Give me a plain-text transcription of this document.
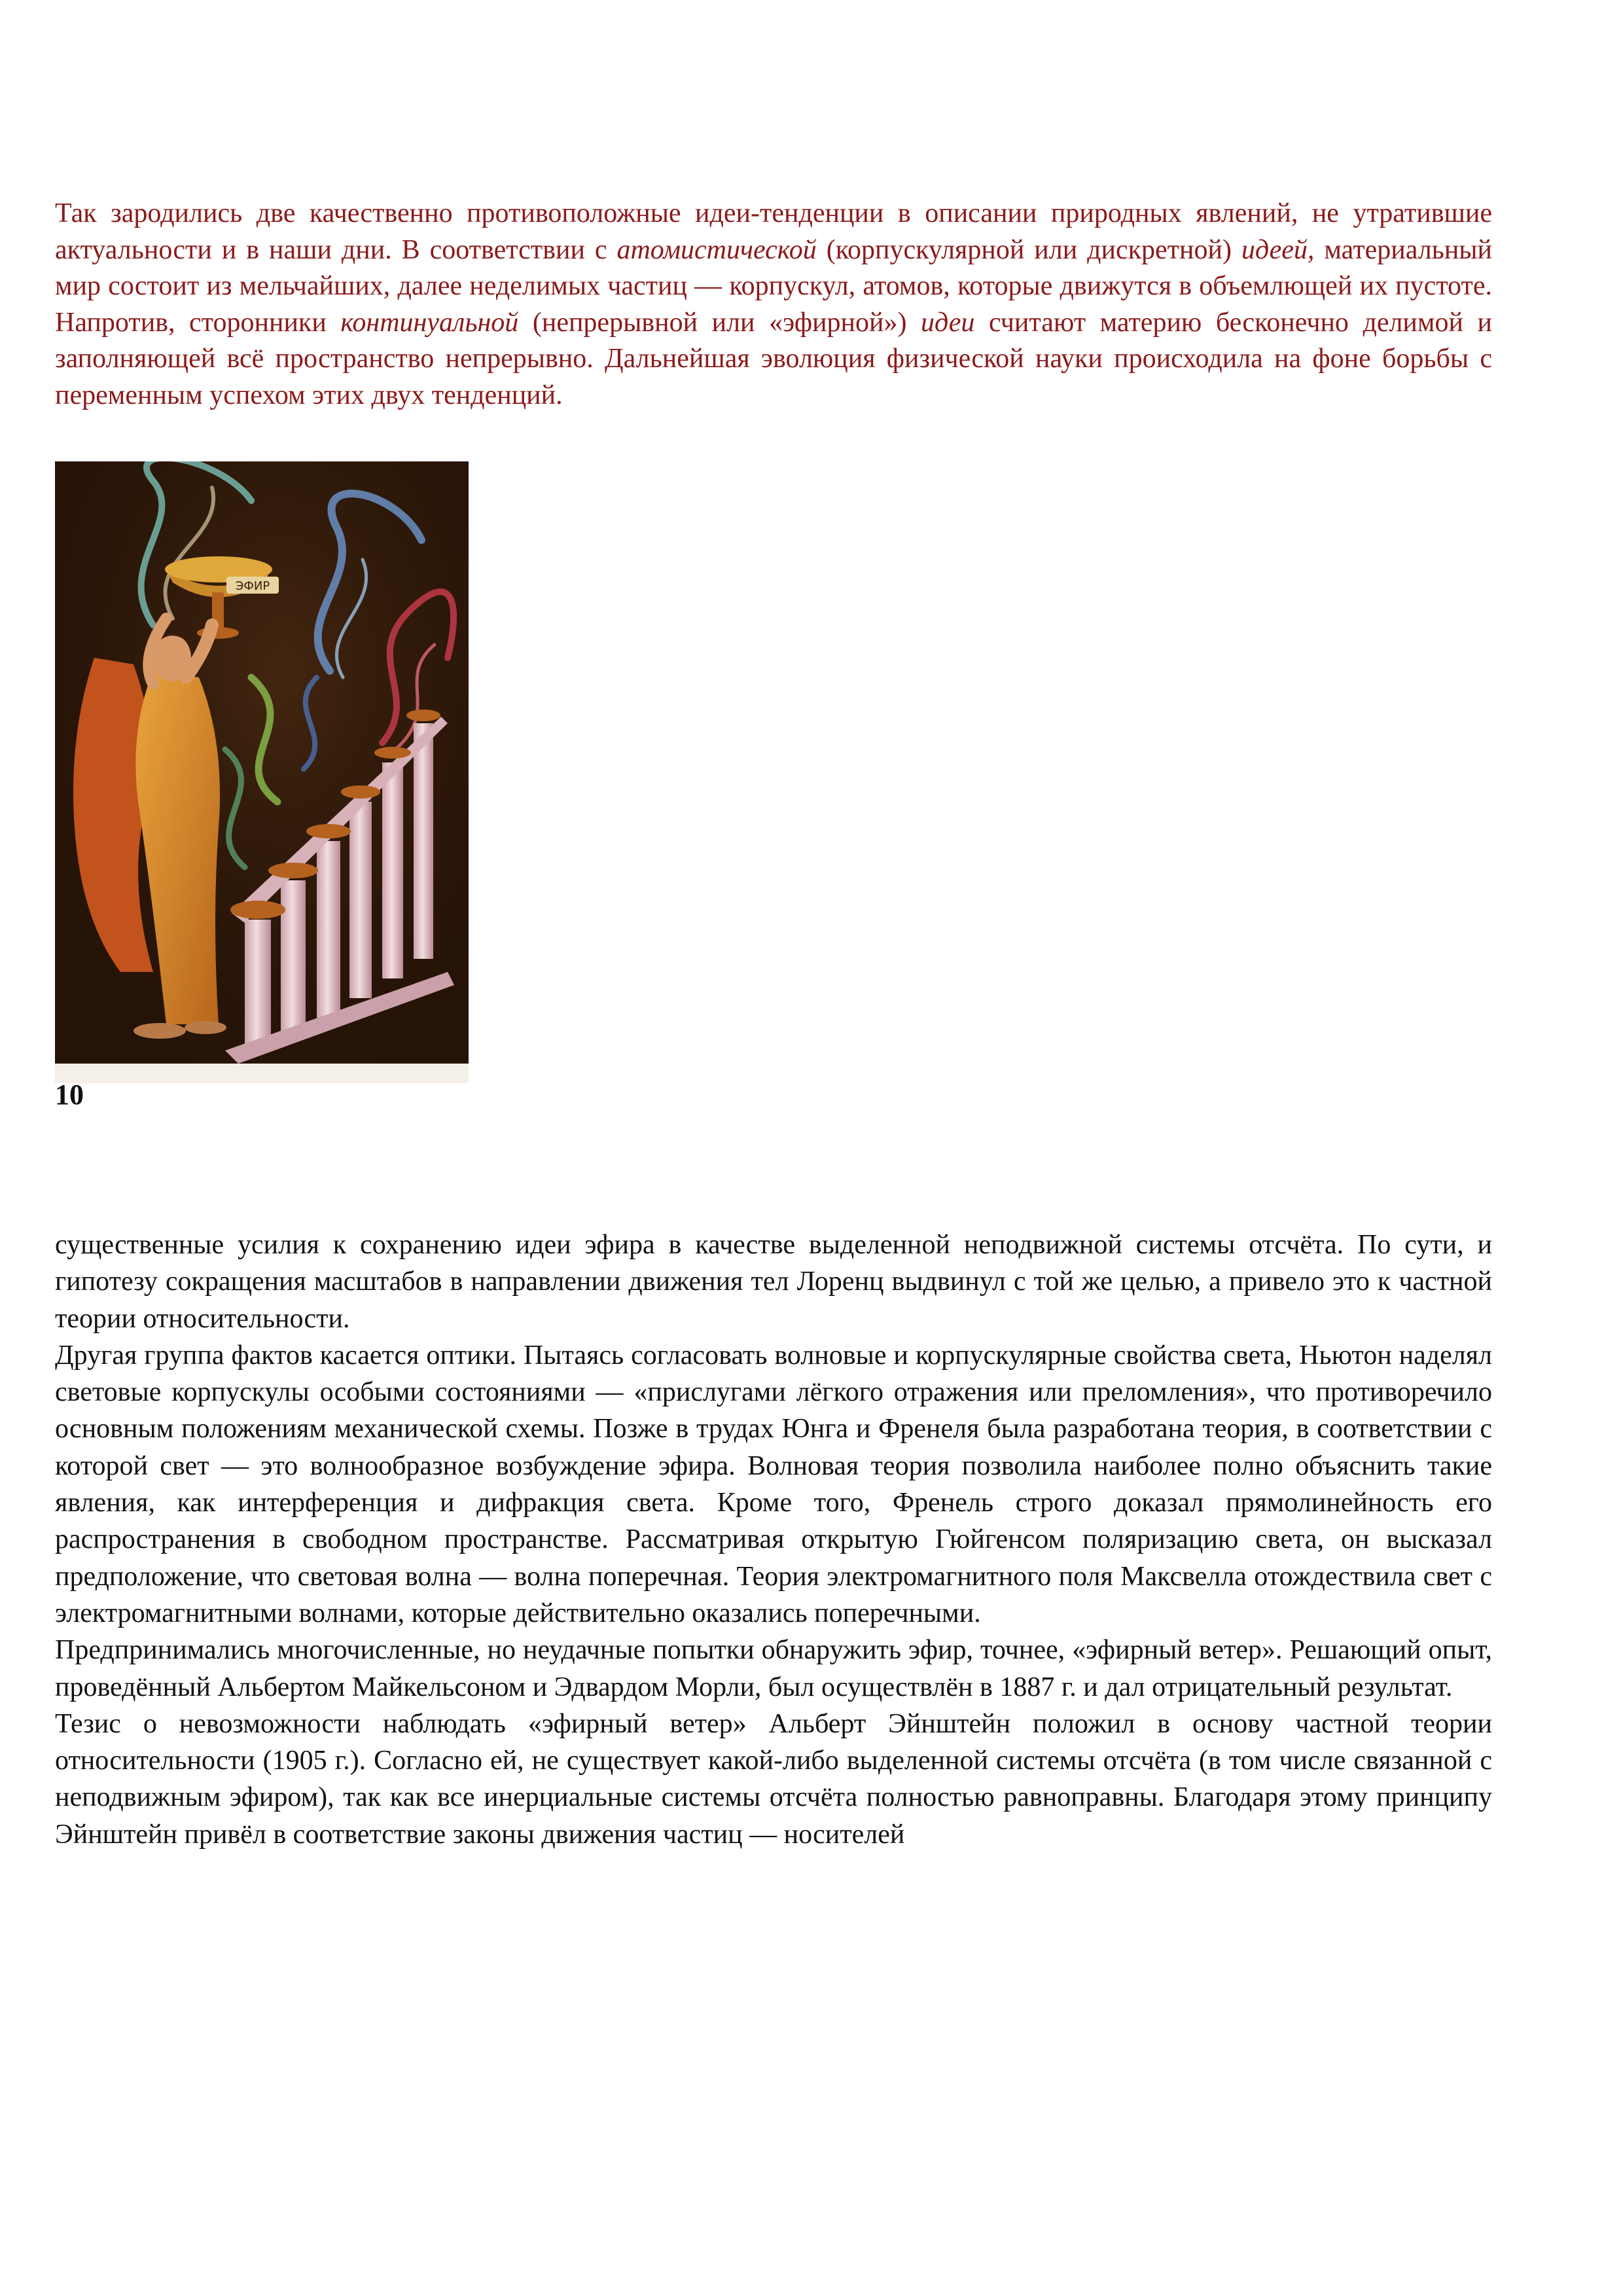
Так зародились две качественно противоположные идеи-тенденции в описании природных явлений, не утратившие актуальности и в наши дни. В соответствии с атомистической (корпускулярной или дискретной) идеей, материальный мир состоит из мельчайших, далее неделимых частиц — корпускул, атомов, которые движутся в объемлющей их пустоте. Напротив, сторонники континуальной (непрерывной или «эфирной») идеи считают материю бесконечно делимой и заполняющей всё пространство непрерывно. Дальнейшая эволюция физической науки происходила на фоне борьбы с переменным успехом этих двух тенденций.

ЭФИР

10

существенные усилия к сохранению идеи эфира в качестве выделенной неподвижной системы отсчёта. По сути, и гипотезу сокращения масштабов в направлении движения тел Лоренц выдвинул с той же целью, а привело это к частной теории относительности.

Другая группа фактов касается оптики. Пытаясь согласовать волновые и корпускулярные свойства света, Ньютон наделял световые корпускулы особыми состояниями — «прислугами лёгкого отражения или преломления», что противоречило основным положениям механической схемы. Позже в трудах Юнга и Френеля была разработана теория, в соответствии с которой свет — это волнообразное возбуждение эфира. Волновая теория позволила наиболее полно объяснить такие явления, как интерференция и дифракция света. Кроме того, Френель строго доказал прямолинейность его распространения в свободном пространстве. Рассматривая открытую Гюйгенсом поляризацию света, он высказал предположение, что световая волна — волна поперечная. Теория электромагнитного поля Максвелла отождествила свет с электромагнитными волнами, которые действительно оказались поперечными.

Предпринимались многочисленные, но неудачные попытки обнаружить эфир, точнее, «эфирный ветер». Решающий опыт, проведённый Альбертом Майкельсоном и Эдвардом Морли, был осуществлён в 1887 г. и дал отрицательный результат.

Тезис о невозможности наблюдать «эфирный ветер» Альберт Эйнштейн положил в основу частной теории относительности (1905 г.). Согласно ей, не существует какой-либо выделенной системы отсчёта (в том числе связанной с неподвижным эфиром), так как все инерциальные системы отсчёта полностью равноправны. Благодаря этому принципу Эйнштейн привёл в соответствие законы движения частиц — носителей
